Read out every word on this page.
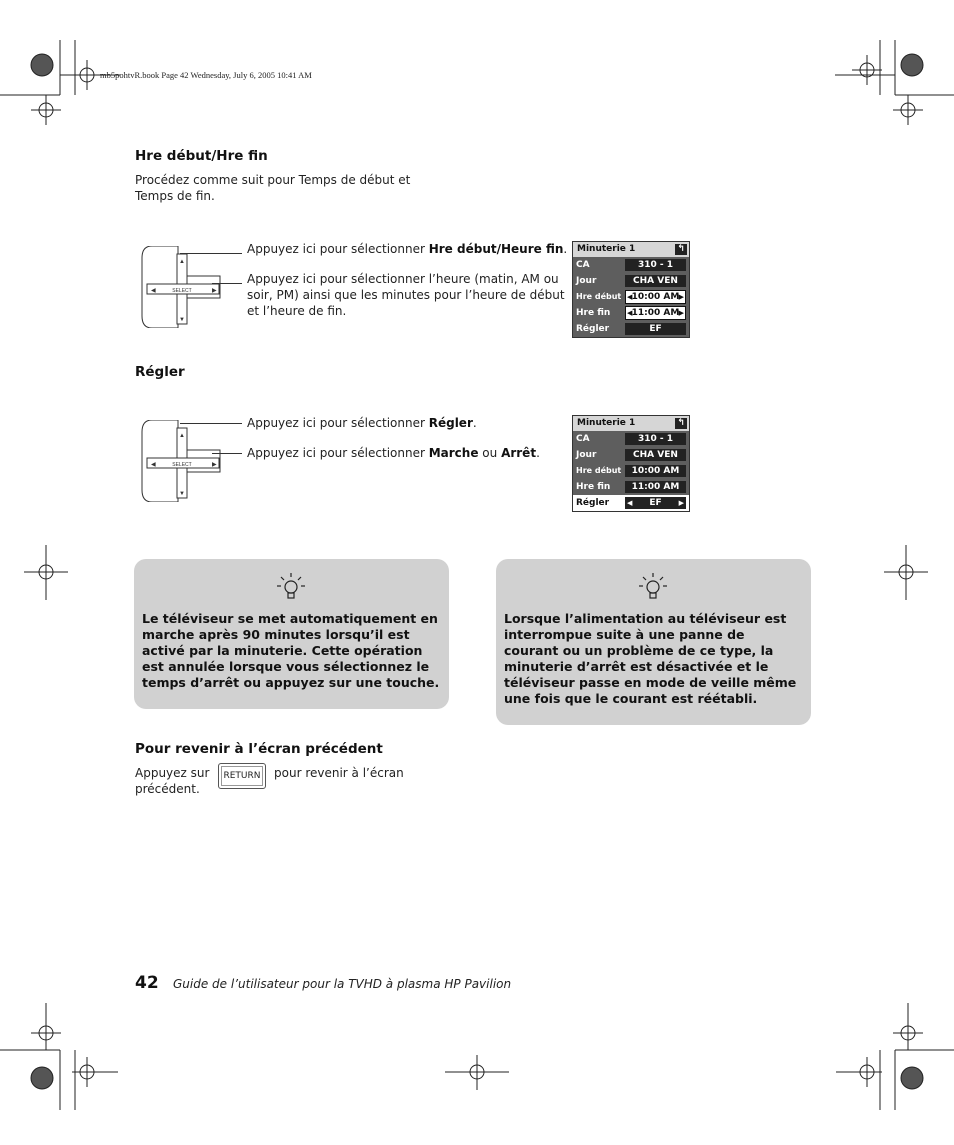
mb5pohtvR.book Page 42 Wednesday, July 6, 2005 10:41 AM
Hre début/Hre fin
Procédez comme suit pour Temps de début et Temps de fin.
▲
▼
◀	▶
SELECT
Appuyez ici pour sélectionner Hre début/Heure fin.
Appuyez ici pour sélectionner l’heure (matin, AM ou soir, PM) ainsi que les minutes pour l’heure de début et l’heure de fin.
Minuterie 1	↰
CA	310 - 1
Jour	CHA VEN
Hre début ◀ 10:00 AM ▶
Hre fin ◀ 11:00 AM ▶
Régler	EF
Régler
▲
▼
◀	▶
SELECT
Appuyez ici pour sélectionner Régler.
Appuyez ici pour sélectionner Marche ou Arrêt.
Minuterie 1	↰
CA	310 - 1
Jour	CHA VEN
Hre début	10:00 AM
Hre fin	11:00 AM
Régler	◀ EF ▶
Le téléviseur se met automatiquement en marche après 90 minutes lorsqu’il est activé par la minuterie. Cette opération est annulée lorsque vous sélectionnez le temps d’arrêt ou appuyez sur une touche.
Lorsque l’alimentation au téléviseur est interrompue suite à une panne de courant ou un problème de ce type, la minuterie d’arrêt est désactivée et le téléviseur passe en mode de veille même une fois que le courant est réétabli.
Pour revenir à l’écran précédent
Appuyez sur	RETURN	pour revenir à l’écran
précédent.
42 Guide de l’utilisateur pour la TVHD à plasma HP Pavilion
